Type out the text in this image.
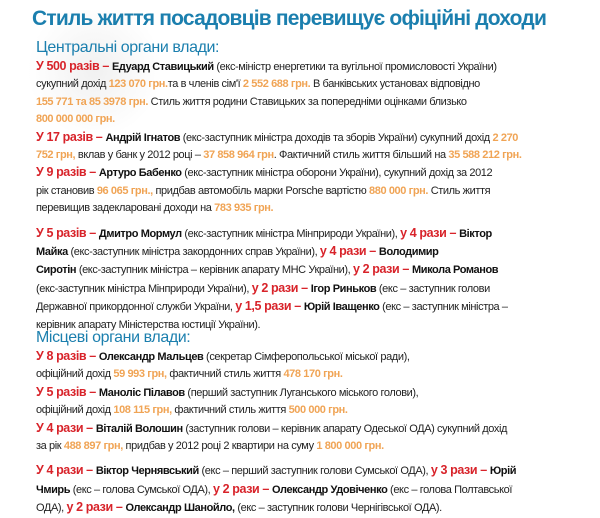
Стиль життя посадовців перевищує офіційні доходи
Центральні органи влади:

У 500 разів – Едуард Ставицький (екс-міністр енергетики та вугільної промисловості України)
сукупний дохід 123 070 грн.та в членів сім'ї 2 552 688 грн. В банківських установах відповідно
155 771 та 85 3978 грн. Стиль життя родини Ставицьких за попередніми оцінками близько
800 000 000 грн.

У 17 разів – Андрій Ігнатов (екс-заступник міністра доходів та зборів України) сукупний дохід 2 270
752 грн, вклав у банк у 2012 році – 37 858 964 грн. Фактичний стиль життя більший на 35 588 212 грн.

У 9 разів – Артуро Бабенко (екс-заступник міністра оборони України), сукупний дохід за 2012
рік становив 96 065 грн., придбав автомобіль марки Porsche вартістю 880 000 грн. Стиль життя
перевищив задекларовані доходи на 783 935 грн.

У 5 разів – Дмитро Мормул (екс-заступник міністра Мінприроди України), у 4 рази – Віктор
Майка (екс-заступник міністра закордонних справ України), у 4 рази – Володимир
Сиротін (екс-заступник міністра – керівник апарату МНС України), у 2 рази – Микола Романов
(екс-заступник міністра Мінприроди України), у 2 рази – Ігор Риньков (екс – заступник голови
Державної прикордонної служби України, у 1,5 рази – Юрій Іващенко (екс – заступник міністра –
керівник апарату Міністерства юстиції України).

Місцеві органи влади:

У 8 разів – Олександр Мальцев (секретар Сімферопольської міської ради),
офіційний дохід 59 993 грн, фактичний стиль життя 478 170 грн.

У 5 разів – Маноліс Пілавов (перший заступник Луганського міського голови),
офіційний дохід 108 115 грн, фактичний стиль життя 500 000 грн.

У 4 рази – Віталій Волошин (заступник голови – керівник апарату Одеської ОДА) сукупний дохід
за рік 488 897 грн, придбав у 2012 році 2 квартири на суму 1 800 000 грн.

У 4 рази – Віктор Чернявський (екс – перший заступник голови Сумської ОДА), у 3 рази – Юрій
Чмирь (екс – голова Сумської ОДА), у 2 рази – Олександр Удовіченко (екс – голова Полтавської
ОДА), у 2 рази – Олександр Шанойло, (екс – заступник голови Чернігівської ОДА).
